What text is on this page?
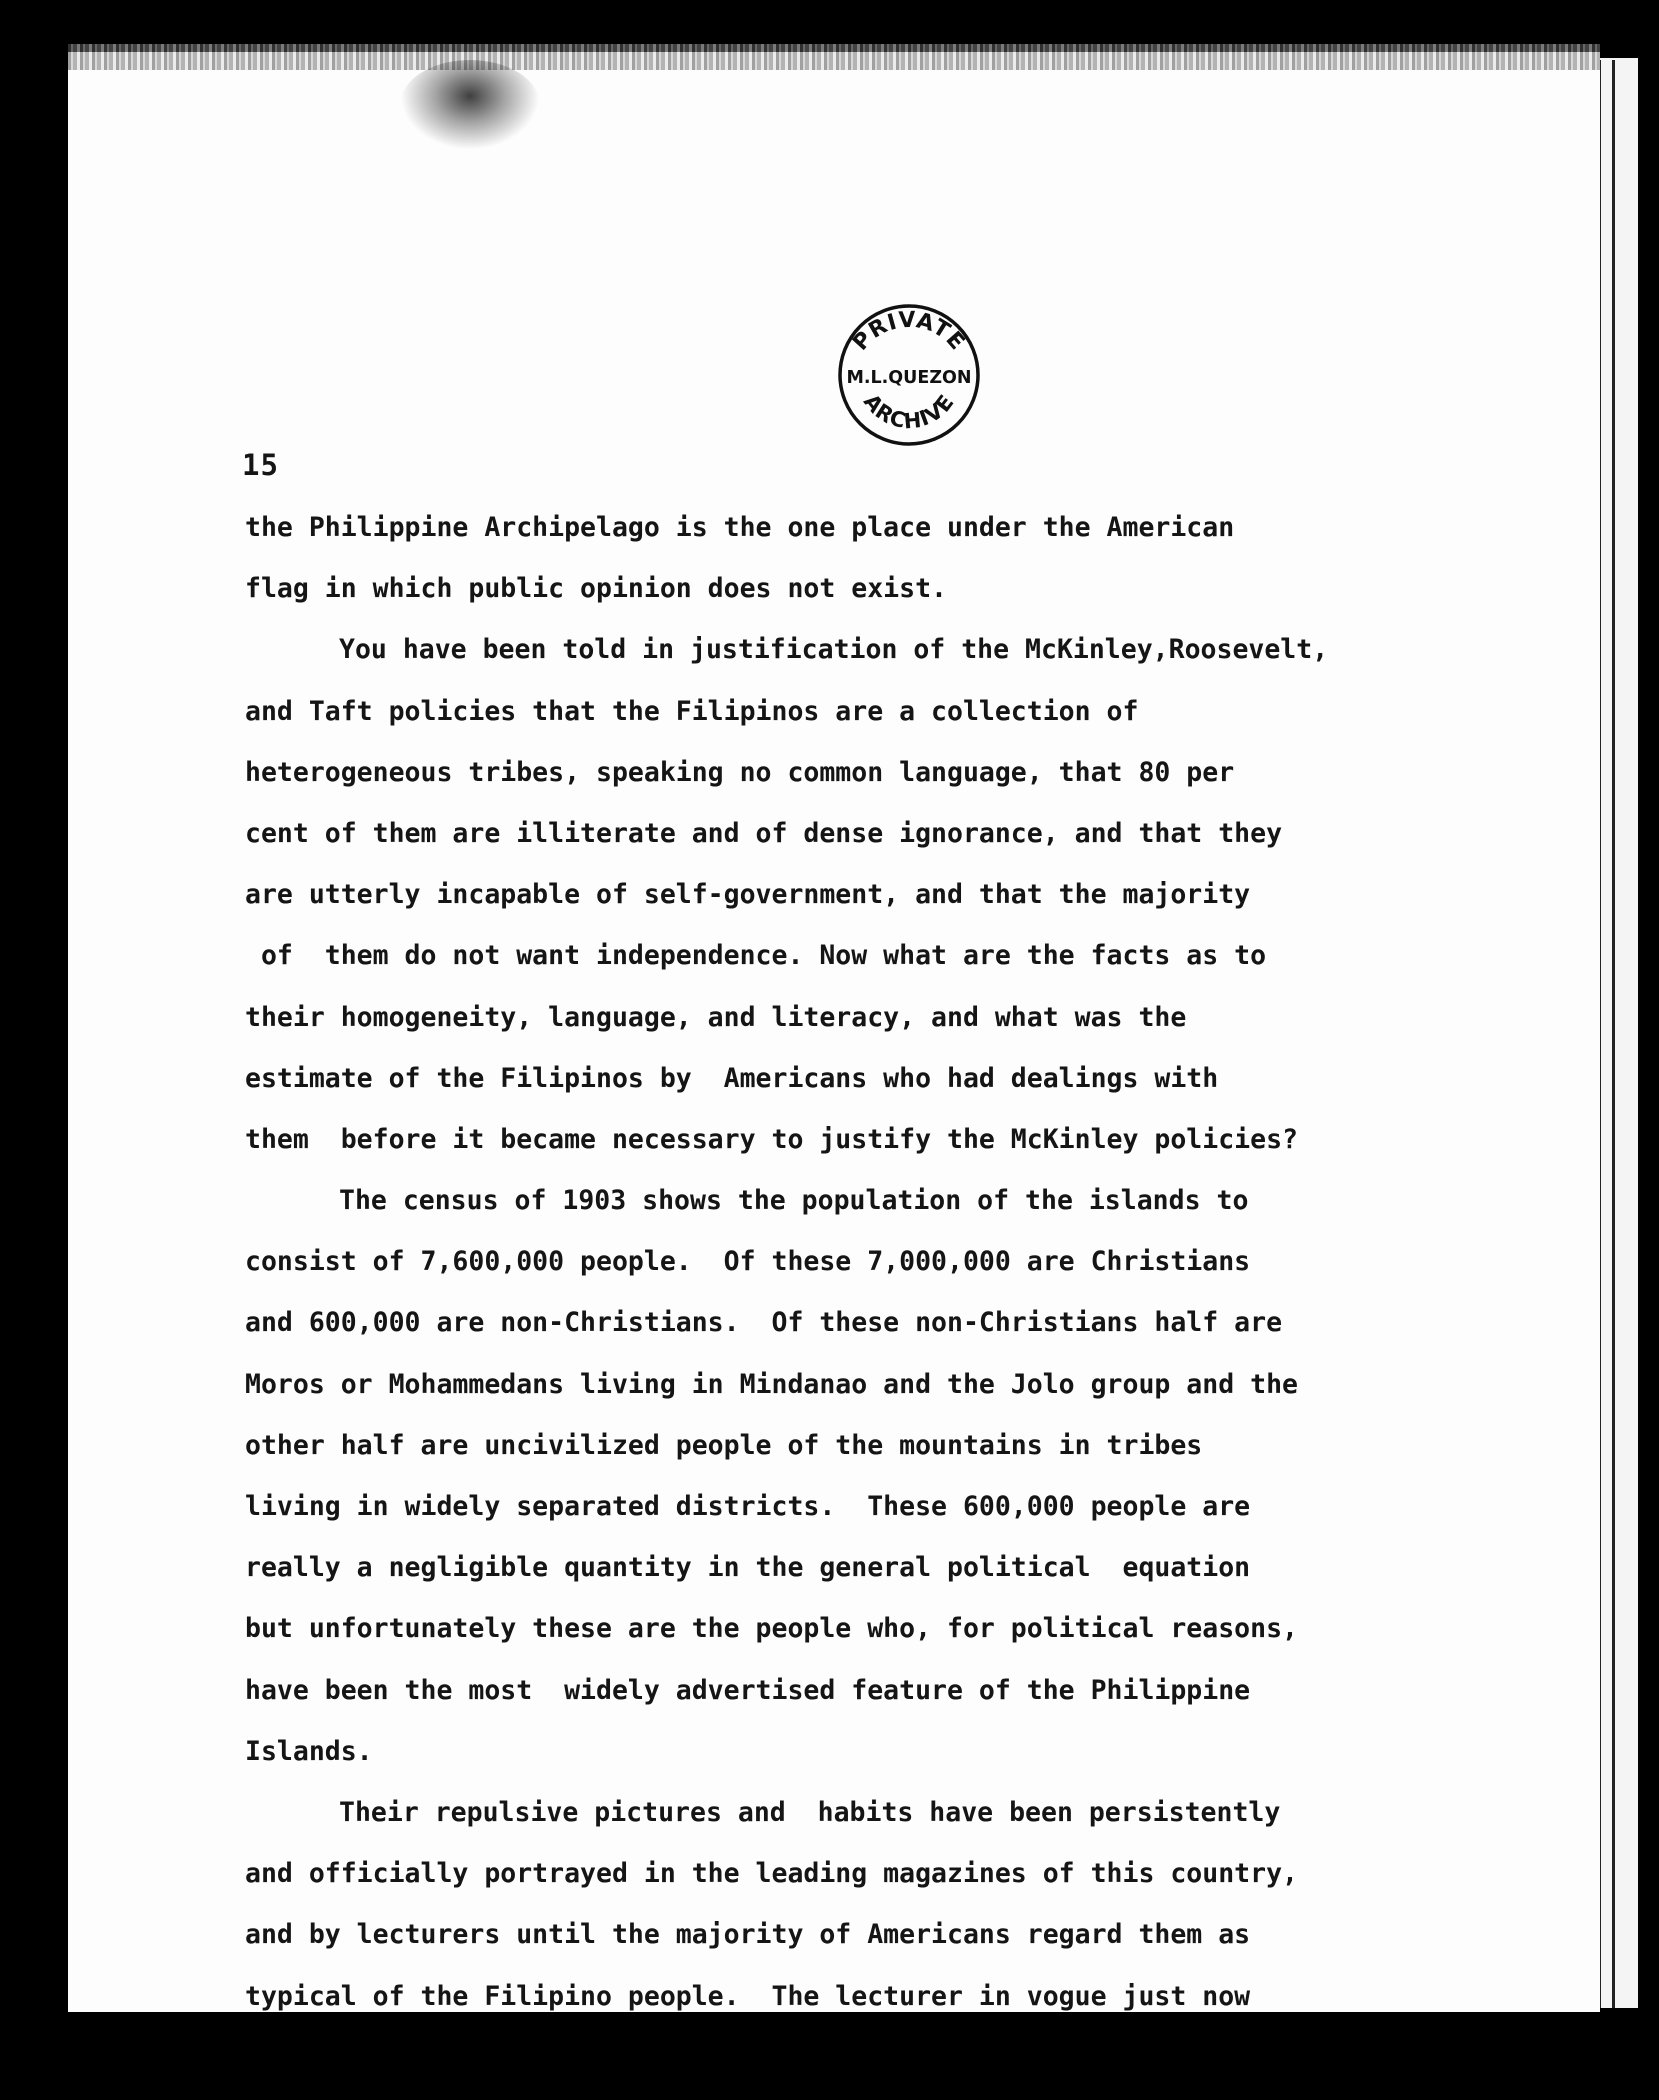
PRIVATE
M.L.QUEZON
ARCHIVE

15

the Philippine Archipelago is the one place under the American
flag in which public opinion does not exist.
You have been told in justification of the McKinley,Roosevelt,
and Taft policies that the Filipinos are a collection of
heterogeneous tribes, speaking no common language, that 80 per
cent of them are illiterate and of dense ignorance, and that they
are utterly incapable of self-government, and that the majority
of  them do not want independence. Now what are the facts as to
their homogeneity, language, and literacy, and what was the
estimate of the Filipinos by  Americans who had dealings with
them  before it became necessary to justify the McKinley policies?
The census of 1903 shows the population of the islands to
consist of 7,600,000 people.  Of these 7,000,000 are Christians
and 600,000 are non-Christians.  Of these non-Christians half are
Moros or Mohammedans living in Mindanao and the Jolo group and the
other half are uncivilized people of the mountains in tribes
living in widely separated districts.  These 600,000 people are
really a negligible quantity in the general political  equation
but unfortunately these are the people who, for political reasons,
have been the most  widely advertised feature of the Philippine
Islands.
Their repulsive pictures and  habits have been persistently
and officially portrayed in the leading magazines of this country,
and by lecturers until the majority of Americans regard them as
typical of the Filipino people.  The lecturer in vogue just now
